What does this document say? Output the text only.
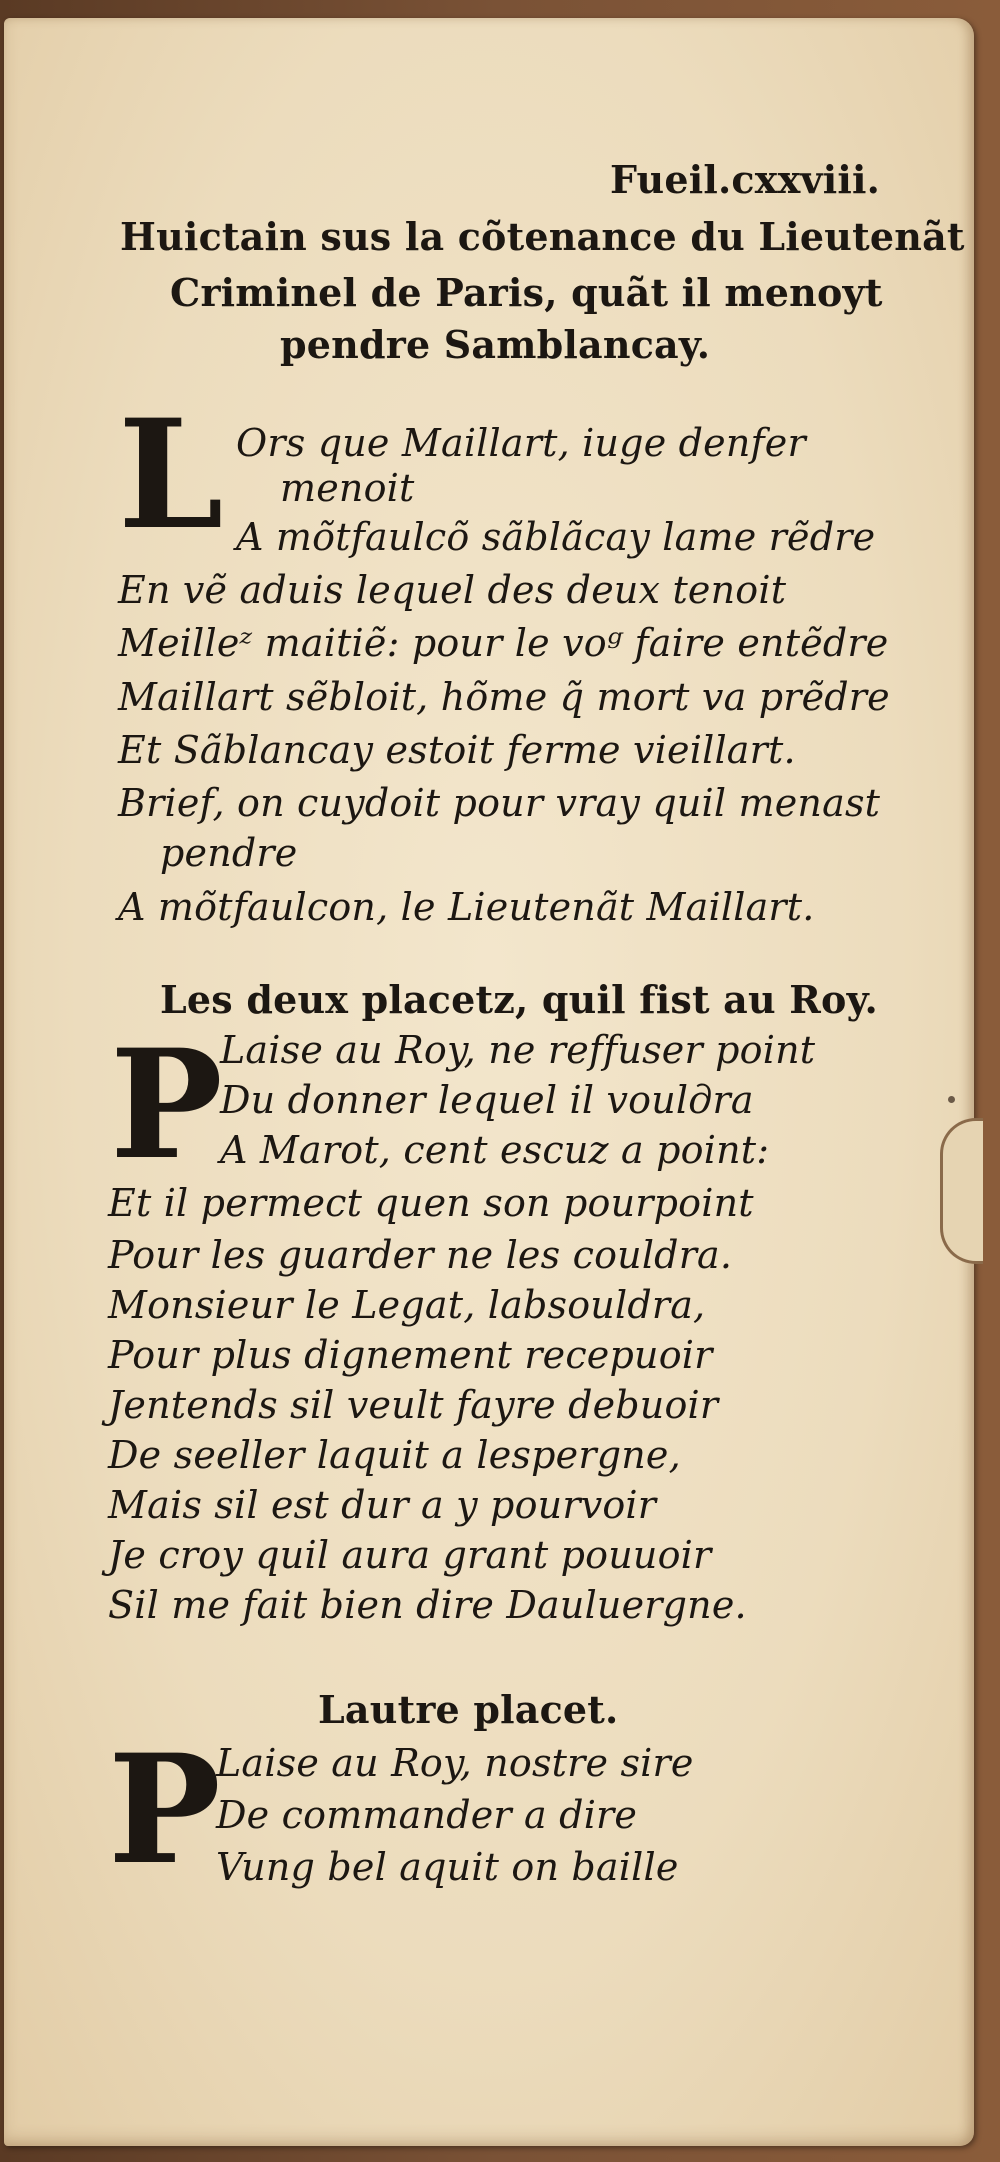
Fueil.cxxviii.
Huictain sus la cõtenance du Lieutenãt
Criminel de Paris, quãt il menoyt
pendre Samblancay.
L Ors que Maillart, iuge denfer
menoit
A mõtfaulcõ sãblãcay lame rẽdre
En vẽ aduis lequel des deux tenoit
Meilleᶻ maitiẽ: pour le voᵍ faire entẽdre
Maillart sẽbloit, hõme q̃ mort va prẽdre
Et Sãblancay estoit ferme vieillart.
Brief, on cuydoit pour vray quil menast
pendre
A mõtfaulcon, le Lieutenãt Maillart.
Les deux placetz, quil fist au Roy.
P
Laise au Roy, ne reffuser point
Du donner lequel il voulдra
A Marot, cent escuz a point:
Et il permect quen son pourpoint
Pour les guarder ne les couldra.
Monsieur le Legat, labsouldra,
Pour plus dignement recepuoir
Jentends sil veult fayre debuoir
De seeller laquit a lespergne,
Mais sil est dur a y pourvoir
Je croy quil aura grant pouuoir
Sil me fait bien dire Dauluergne.
Lautre placet.
P
Laise au Roy, nostre sire
De commander a dire
Vung bel aquit on baille
